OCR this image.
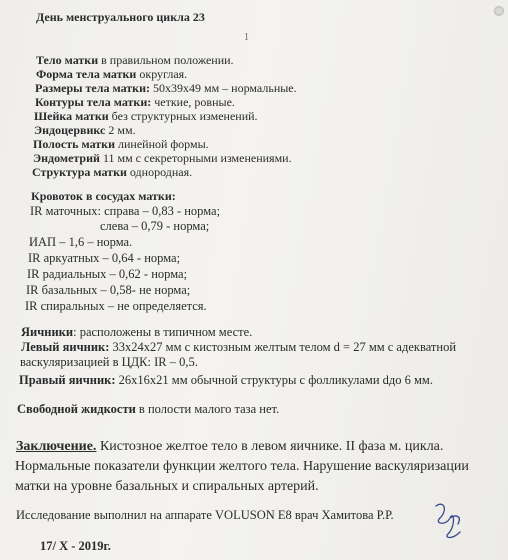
День менструального цикла 23
1
Тело матки в правильном положении.
Форма тела матки округлая.
Размеры тела матки: 50х39х49 мм – нормальные.
Контуры тела матки: четкие, ровные.
Шейка матки без структурных изменений.
Эндоцервикс 2 мм.
Полость матки линейной формы.
Эндометрий 11 мм с секреторными изменениями.
Структура матки однородная.
Кровоток в сосудах матки:
IR маточных: справа – 0,83 - норма;
слева – 0,79 - норма;
ИАП – 1,6 – норма.
IR аркуатных – 0,64 - норма;
IR радиальных – 0,62 - норма;
IR базальных – 0,58- не норма;
IR спиральных – не определяется.
Яичники: расположены в типичном месте.
Левый яичник: 33х24х27 мм с кистозным желтым телом d = 27 мм с адекватной
васкуляризацией в ЦДК: IR – 0,5.
Правый яичник: 26х16х21 мм обычной структуры с фолликулами dдо 6 мм.
Свободной жидкости в полости малого таза нет.
Заключение. Кистозное желтое тело в левом яичнике. II фаза м. цикла.
Нормальные показатели функции желтого тела. Нарушение васкуляризации
матки на уровне базальных и спиральных артерий.
Исследование выполнил на аппарате VOLUSON E8 врач Хамитова Р.Р.
17/ X - 2019г.
